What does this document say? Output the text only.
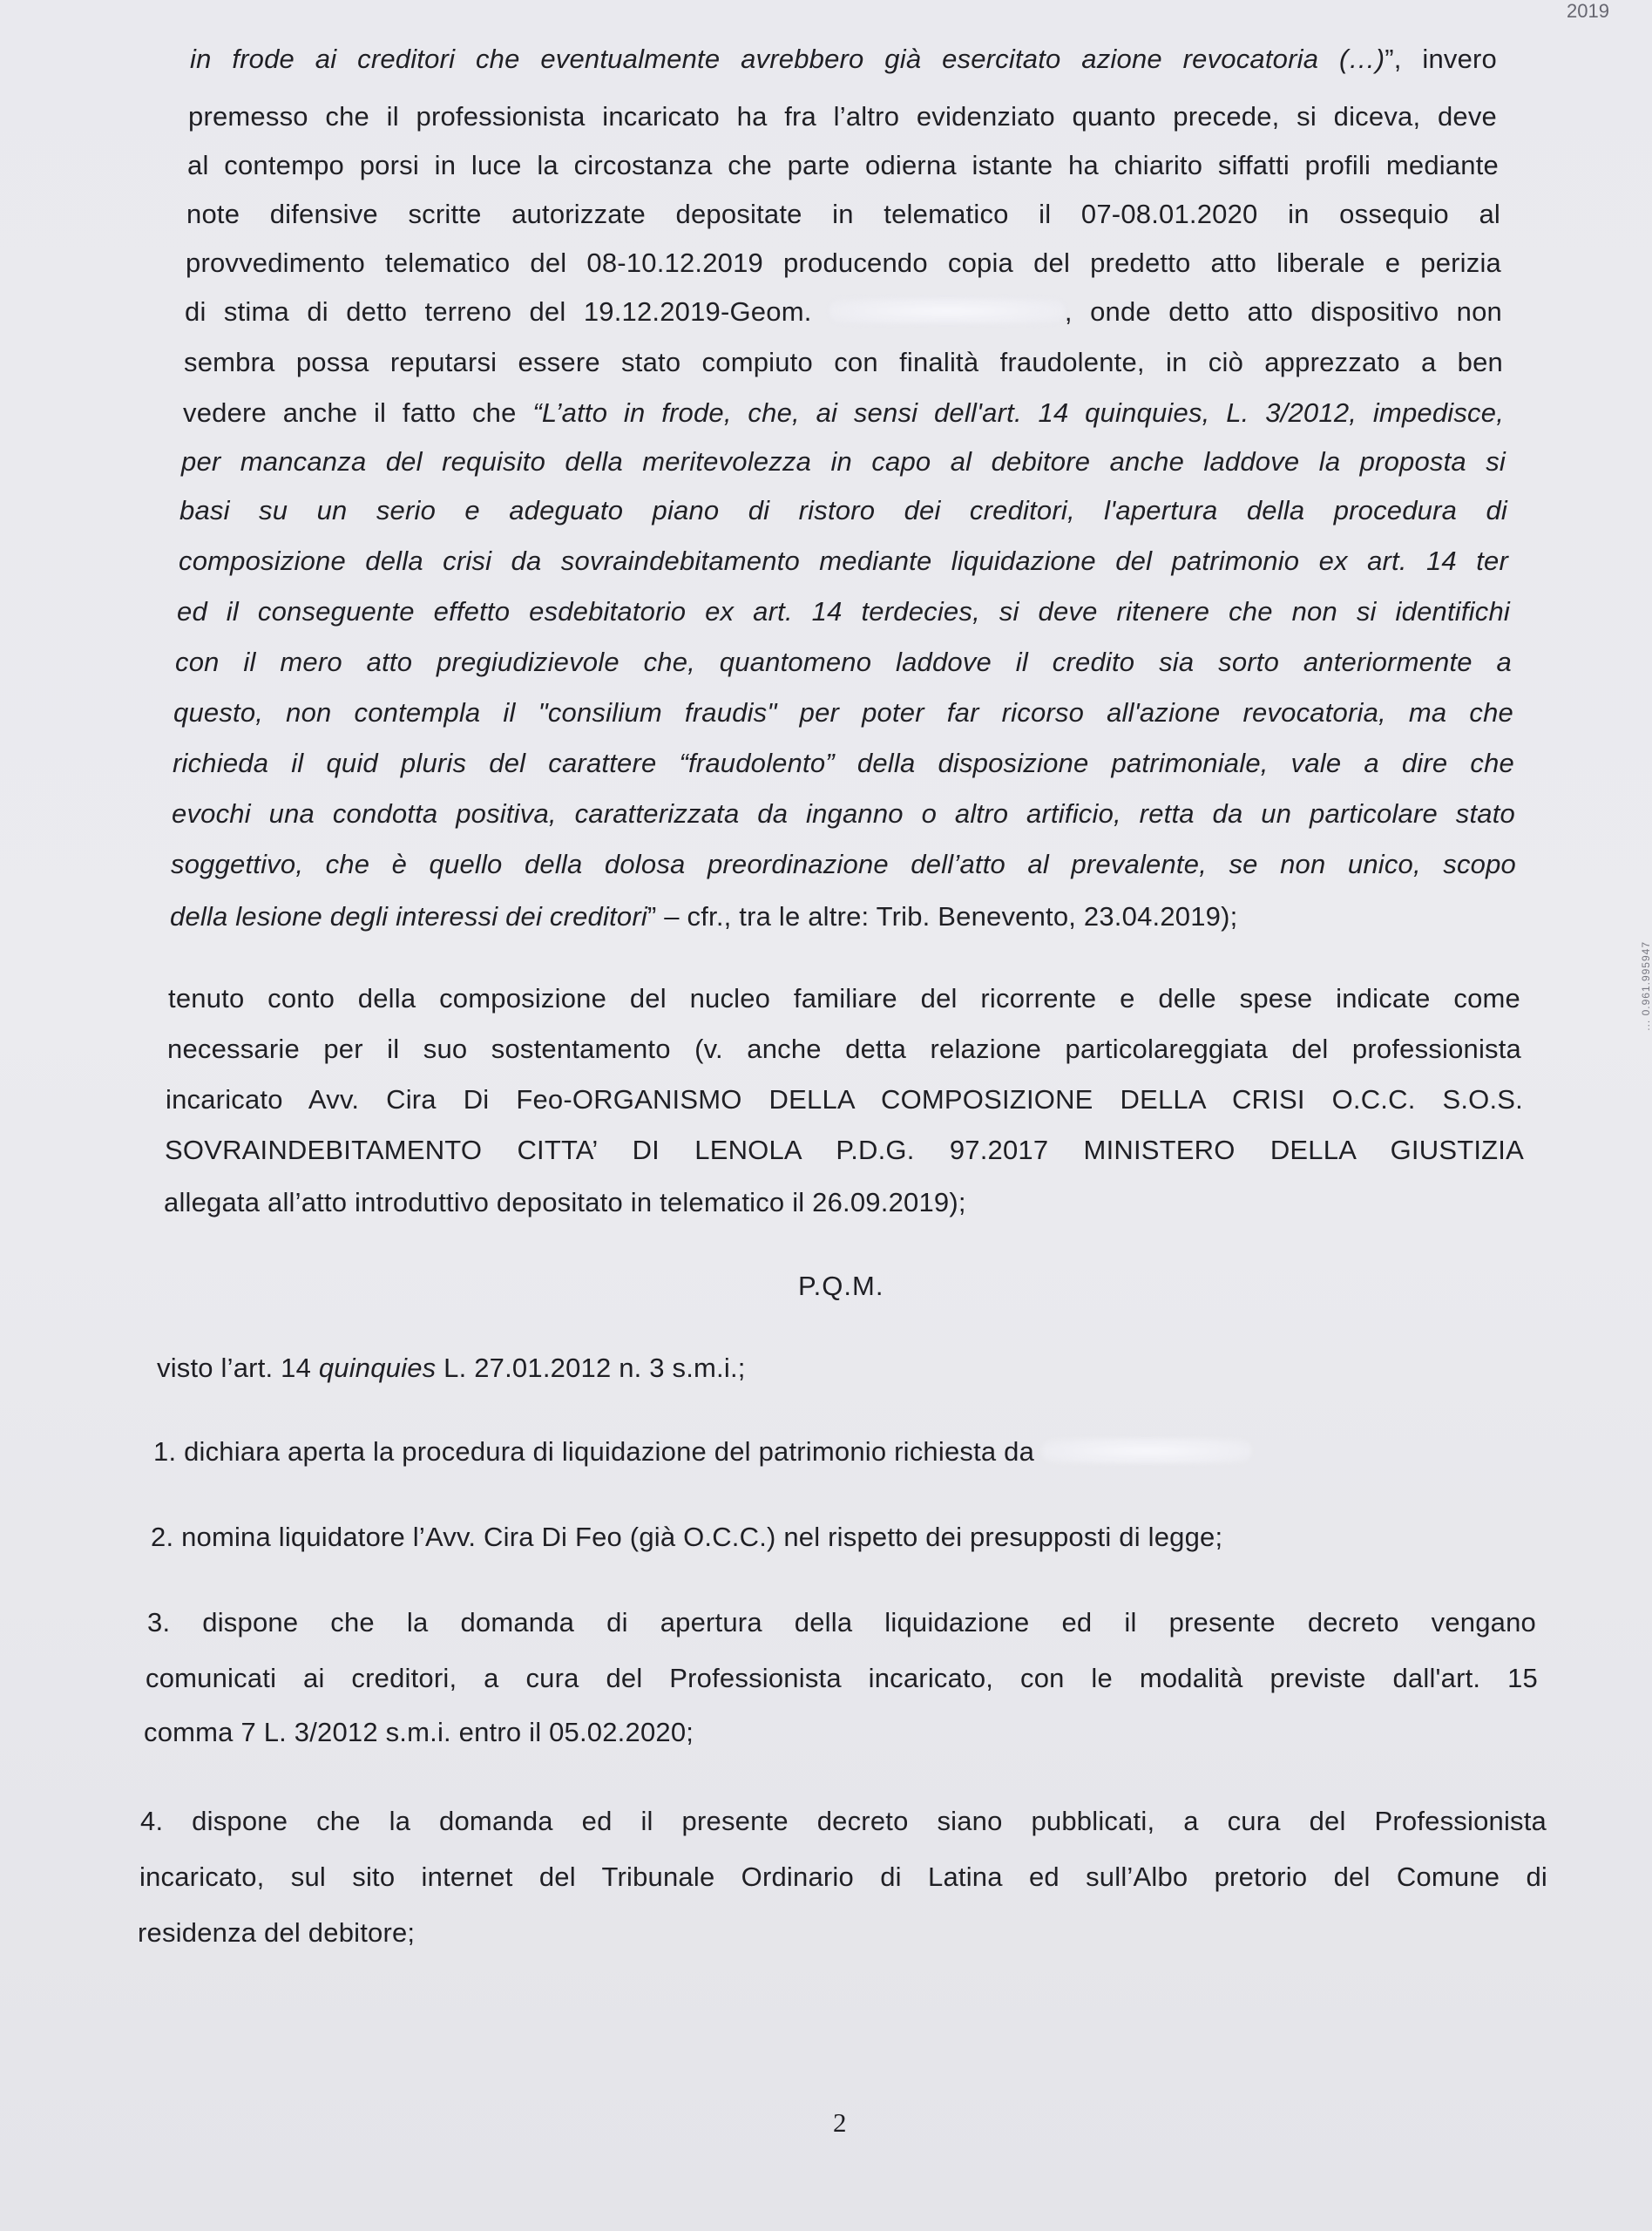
2019
... 0.961.995947
in frode ai creditori che eventualmente avrebbero già esercitato azione revocatoria (…)”, invero
premesso che il professionista incaricato ha fra l’altro evidenziato quanto precede, si diceva, deve
al contempo porsi in luce la circostanza che parte odierna istante ha chiarito siffatti profili mediante
note difensive scritte autorizzate depositate in telematico il 07-08.01.2020 in ossequio al
provvedimento telematico del 08-10.12.2019 producendo copia del predetto atto liberale e perizia
di stima di detto terreno del 19.12.2019-Geom.	, onde detto atto dispositivo non
sembra possa reputarsi essere stato compiuto con finalità fraudolente, in ciò apprezzato a ben
vedere anche il fatto che “L’atto in frode, che, ai sensi dell'art. 14 quinquies, L. 3/2012, impedisce,
per mancanza del requisito della meritevolezza in capo al debitore anche laddove la proposta si
basi su un serio e adeguato piano di ristoro dei creditori, l'apertura della procedura di
composizione della crisi da sovraindebitamento mediante liquidazione del patrimonio ex art. 14 ter
ed il conseguente effetto esdebitatorio ex art. 14 terdecies, si deve ritenere che non si identifichi
con il mero atto pregiudizievole che, quantomeno laddove il credito sia sorto anteriormente a
questo, non contempla il "consilium fraudis" per poter far ricorso all'azione revocatoria, ma che
richieda il quid pluris del carattere “fraudolento” della disposizione patrimoniale, vale a dire che
evochi una condotta positiva, caratterizzata da inganno o altro artificio, retta da un particolare stato
soggettivo, che è quello della dolosa preordinazione dell’atto al prevalente, se non unico, scopo
della lesione degli interessi dei creditori” – cfr., tra le altre: Trib. Benevento, 23.04.2019);
tenuto conto della composizione del nucleo familiare del ricorrente e delle spese indicate come
necessarie per il suo sostentamento (v. anche detta relazione particolareggiata del professionista
incaricato Avv. Cira Di Feo-ORGANISMO DELLA COMPOSIZIONE DELLA CRISI O.C.C. S.O.S.
SOVRAINDEBITAMENTO CITTA’ DI LENOLA P.D.G. 97.2017 MINISTERO DELLA GIUSTIZIA
allegata all’atto introduttivo depositato in telematico il 26.09.2019);
P.Q.M.
visto l’art. 14 quinquies L. 27.01.2012 n. 3 s.m.i.;
1. dichiara aperta la procedura di liquidazione del patrimonio richiesta da
2. nomina liquidatore l’Avv. Cira Di Feo (già O.C.C.) nel rispetto dei presupposti di legge;
3. dispone che la domanda di apertura della liquidazione ed il presente decreto vengano
comunicati ai creditori, a cura del Professionista incaricato, con le modalità previste dall'art. 15
comma 7 L. 3/2012 s.m.i. entro il 05.02.2020;
4. dispone che la domanda ed il presente decreto siano pubblicati, a cura del Professionista
incaricato, sul sito internet del Tribunale Ordinario di Latina ed sull’Albo pretorio del Comune di
residenza del debitore;
2
